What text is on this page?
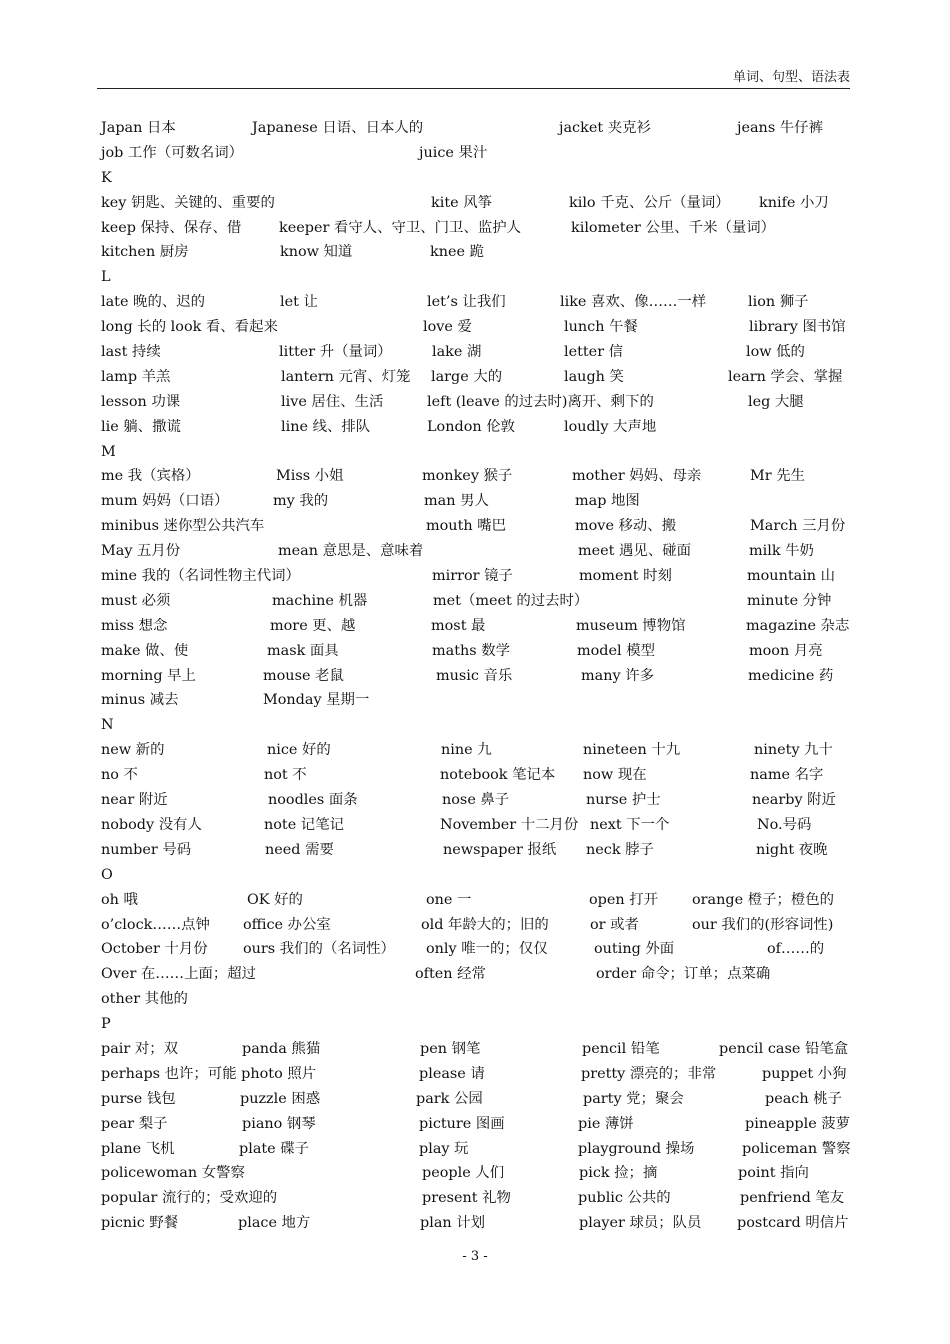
单词、句型、语法表
Japan 日本	Japanese 日语、日本人的	jacket 夹克衫	jeans 牛仔裤
job 工作（可数名词）	juice 果汁
K
key 钥匙、关键的、重要的	kite 风筝	kilo 千克、公斤（量词） knife 小刀
keep 保持、保存、借	keeper 看守人、守卫、门卫、监护人	kilometer 公里、千米（量词）
kitchen 厨房	know 知道	knee 跪
L
late 晚的、迟的	let 让	let’s 让我们	like 喜欢、像……一样	lion 狮子
long 长的 look 看、看起来	love 爱	lunch 午餐	library 图书馆
last 持续	litter 升（量词）	lake 湖	letter 信	low 低的
lamp 羊羔	lantern 元宵、灯笼 large 大的	laugh 笑	learn 学会、掌握
lesson 功课	live 居住、生活	left (leave 的过去时)离开、剩下的	leg 大腿
lie 躺、撒谎	line 线、排队	London 伦敦	loudly 大声地
M
me 我（宾格）	Miss 小姐	monkey 猴子	mother 妈妈、母亲	Mr 先生
mum 妈妈（口语）	my 我的	man 男人	map 地图
minibus 迷你型公共汽车	mouth 嘴巴	move 移动、搬	March 三月份
May 五月份	mean 意思是、意味着	meet 遇见、碰面	milk 牛奶
mine 我的（名词性物主代词）	mirror 镜子	moment 时刻	mountain 山
must 必须	machine 机器	met（meet 的过去时）	minute 分钟
miss 想念	more 更、越	most 最	museum 博物馆	magazine 杂志
make 做、使	mask 面具	maths 数学	model 模型	moon 月亮
morning 早上	mouse 老鼠	music 音乐	many 许多	medicine 药
minus 减去	Monday 星期一
N
new 新的	nice 好的	nine 九	nineteen 十九	ninety 九十
no 不	not 不	notebook 笔记本 now 现在	name 名字
near 附近	noodles 面条	nose 鼻子	nurse 护士	nearby 附近
nobody 没有人	note 记笔记	November 十二月份 next 下一个	No.号码
number 号码	need 需要	newspaper 报纸 neck 脖子	night 夜晚
O
oh 哦	OK 好的	one 一	open 打开 orange 橙子；橙色的
o’clock……点钟 office 办公室	old 年龄大的；旧的	or 或者	our 我们的(形容词性)
October 十月份 ours 我们的（名词性） only 唯一的；仅仅	outing 外面	of……的
Over 在……上面；超过	often 经常	order 命令；订单；点菜确
other 其他的
P
pair 对；双	panda 熊猫	pen 钢笔	pencil 铅笔	pencil case 铅笔盒
perhaps 也许；可能 photo 照片	please 请	pretty 漂亮的；非常	puppet 小狗
purse 钱包	puzzle 困惑	park 公园	party 党；聚会	peach 桃子
pear 梨子	piano 钢琴	picture 图画	pie 薄饼	pineapple 菠萝
plane 飞机	plate 碟子	play 玩	playground 操场	policeman 警察
policewoman 女警察	people 人们	pick 捡；摘	point 指向
popular 流行的；受欢迎的	present 礼物	public 公共的	penfriend 笔友
picnic 野餐	place 地方	plan 计划	player 球员；队员 postcard 明信片
- 3 -
